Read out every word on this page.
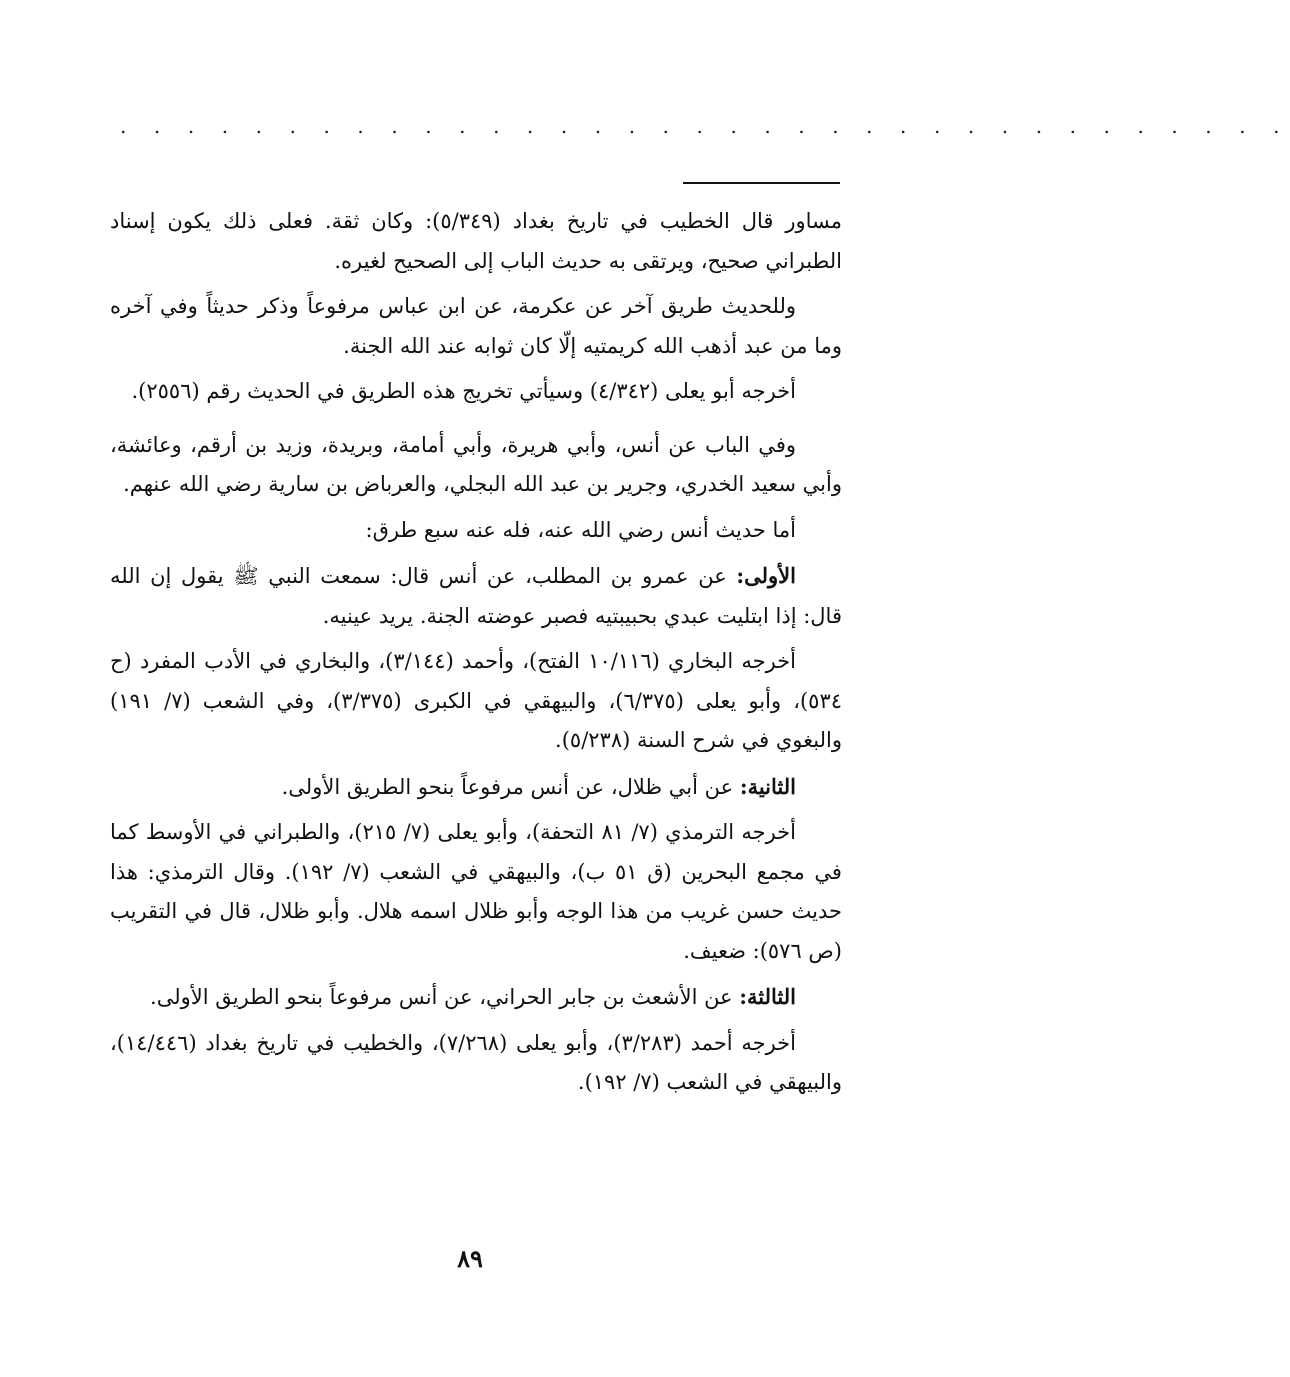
. . . . . . . . . . . . . . . . . . . . . . . . . . . . . . . . . . .

مساور قال الخطيب في تاريخ بغداد (٥/٣٤٩): وكان ثقة. فعلى ذلك يكون إسناد الطبراني صحيح، ويرتقى به حديث الباب إلى الصحيح لغيره.

وللحديث طريق آخر عن عكرمة، عن ابن عباس مرفوعاً وذكر حديثاً وفي آخره وما من عبد أذهب الله كريمتيه إلّا كان ثوابه عند الله الجنة.

أخرجه أبو يعلى (٤/٣٤٢) وسيأتي تخريج هذه الطريق في الحديث رقم (٢٥٥٦).

وفي الباب عن أنس، وأبي هريرة، وأبي أمامة، وبريدة، وزيد بن أرقم، وعائشة، وأبي سعيد الخدري، وجرير بن عبد الله البجلي، والعرباض بن سارية رضي الله عنهم.

أما حديث أنس رضي الله عنه، فله عنه سبع طرق:

الأولى: عن عمرو بن المطلب، عن أنس قال: سمعت النبي ﷺ يقول إن الله قال: إذا ابتليت عبدي بحبيبتيه فصبر عوضته الجنة. يريد عينيه.

أخرجه البخاري (١٠/١١٦ الفتح)، وأحمد (٣/١٤٤)، والبخاري في الأدب المفرد (ح ٥٣٤)، وأبو يعلى (٦/٣٧٥)، والبيهقي في الكبرى (٣/٣٧٥)، وفي الشعب (٧/ ١٩١) والبغوي في شرح السنة (٥/٢٣٨).

الثانية: عن أبي ظلال، عن أنس مرفوعاً بنحو الطريق الأولى.

أخرجه الترمذي (٧/ ٨١ التحفة)، وأبو يعلى (٧/ ٢١٥)، والطبراني في الأوسط كما في مجمع البحرين (ق ٥١ ب)، والبيهقي في الشعب (٧/ ١٩٢). وقال الترمذي: هذا حديث حسن غريب من هذا الوجه وأبو ظلال اسمه هلال. وأبو ظلال، قال في التقريب (ص ٥٧٦): ضعيف.

الثالثة: عن الأشعث بن جابر الحراني، عن أنس مرفوعاً بنحو الطريق الأولى.

أخرجه أحمد (٣/٢٨٣)، وأبو يعلى (٧/٢٦٨)، والخطيب في تاريخ بغداد (١٤/٤٤٦)، والبيهقي في الشعب (٧/ ١٩٢).

٨٩
